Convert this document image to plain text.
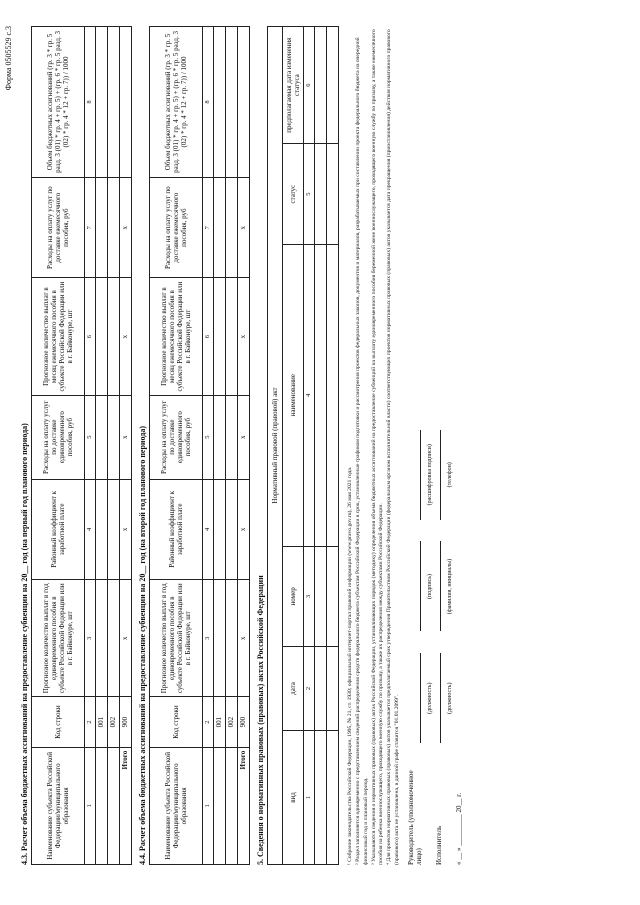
Форма 0505529 с.3
4.3. Расчет объема бюджетных ассигнований на предоставление субвенции на 20__ год (на первый год планового периода) Наименование субъекта Российской Федерации/муниципального образования	Код строки	Прогнозное количество выплат в год единовременного пособия в субъекте Российской Федерации или в г. Байконуре, шт	Районный коэффициент к заработной плате	Расходы на оплату услуг по доставке единовременного пособия, руб	Прогнозное количество выплат в месяц ежемесячного пособия в субъекте Российской Федерации или в г. Байконуре, шт	Расходы на оплату услуг по доставке ежемесячного пособия, руб	Объем бюджетных ассигнований (гр. 3 * гр. 5 разд. 3 (01) * гр. 4 + гр. 5) + (гр. 6 * гр. 5 разд. 3 (02) * гр. 4 * 12 + гр. 7)) / 1000
1	2	3	4	5	6	7	8
	001						
	002						
Итого	900	x	x	x	x	x	
4.4. Расчет объема бюджетных ассигнований на предоставление субвенции на 20__ год (на второй год планового периода) Наименование субъекта Российской Федерации/муниципального образования	Код строки	Прогнозное количество выплат в год единовременного пособия в субъекте Российской Федерации или в г. Байконуре, шт	Районный коэффициент к заработной плате	Расходы на оплату услуг по доставке единовременного пособия, руб	Прогнозное количество выплат в месяц ежемесячного пособия в субъекте Российской Федерации или в г. Байконуре, шт	Расходы на оплату услуг по доставке ежемесячного пособия, руб	Объем бюджетных ассигнований (гр. 3 * гр. 5 разд. 3 (01) * гр. 4 + гр. 5) + (гр. 6 * гр. 5 разд. 3 (02) * гр. 4 * 12 + гр. 7)) / 1000
1	2	3	4	5	6	7	8
	001						
	002						
Итого	900	x	x	x	x	x	
5. Сведения о нормативных правовых (правовых) актах Российской Федерации
Нормативный правовой (правовой) акт					
вид	дата	номер	наименование	статус	предполагаемая дата изменения статуса
1	2	3	4	5	6

¹ Собрание законодательства Российской Федерации, 1995, № 21, ст. 1930; официальный интернет-портал правовой информации (www.pravo.gov.ru), 26 мая 2021 года. ² Раздел заполняется одновременно с представлением сведений распределения средств федерального бюджета субъектам Российской Федерации в срок, установленные графиком подготовки и рассмотрения проектов федеральных законов, документов и материалов, разрабатываемых при составлении проекта федерального бюджета на очередной финансовый год и плановый период. ³ Указываются сведения о нормативных правовых (правовых) актах Российской Федерации, устанавливающих порядок (методику) определения объема бюджетных ассигнований на предоставление субвенций на выплату единовременного пособия беременной жене военнослужащего, проходящего военную службу по призыву, а также ежемесячного пособия на ребенка военнослужащего, проходящего военную службу по призыву, а также их распределения между субъектами Российской Федерации. ⁴ Для проектов нормативных правовых (правовых) актов указывается предполагаемый срок утверждения Правительством Российской Федерации (федеральным органом исполнительной власти) соответствующих проектов нормативных правовых (правовых) актов указывается дата прекращения (приостановления) действия нормативного правового (правового) акта не установлена, в данной графе ставится "01.01.2099". Руководитель (уполномоченное лицо)
(должность) (подпись) (расшифровка подписи)
Исполнитель
(должность) (фамилия, инициалы) (телефон)
« __ » _________ 20__ г.
